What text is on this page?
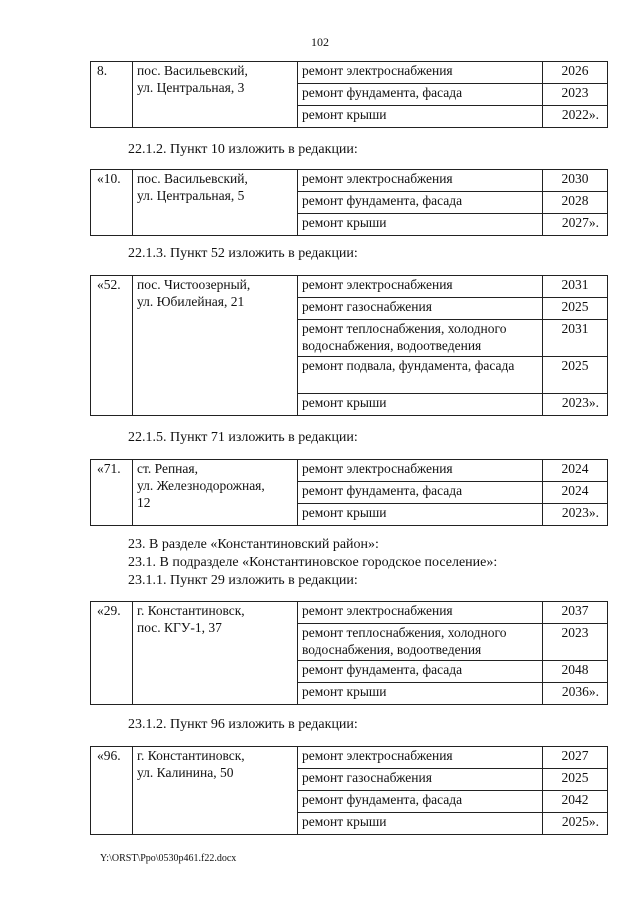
102
8.	пос. Васильевский,
ул. Центральная, 3	ремонт электроснабжения	2026
		ремонт фундамента, фасада	2023
		ремонт крыши	2022».
22.1.2. Пункт 10 изложить в редакции:
«10.	пос. Васильевский,
ул. Центральная, 5	ремонт электроснабжения	2030
		ремонт фундамента, фасада	2028
		ремонт крыши	2027».
22.1.3. Пункт 52 изложить в редакции:
«52.	пос. Чистоозерный,
ул. Юбилейная, 21	ремонт электроснабжения	2031
		ремонт газоснабжения	2025
		ремонт теплоснабжения, холодного водоснабжения, водоотведения	2031
		ремонт подвала, фундамента, фасада	2025
		ремонт крыши	2023».
22.1.5. Пункт 71 изложить в редакции:
«71.	ст. Репная,
ул. Железнодорожная,
12	ремонт электроснабжения	2024
		ремонт фундамента, фасада	2024
		ремонт крыши	2023».
23. В разделе «Константиновский район»:
23.1. В подразделе «Константиновское городское поселение»:
23.1.1. Пункт 29 изложить в редакции:
«29.	г. Константиновск,
пос. КГУ-1, 37	ремонт электроснабжения	2037
		ремонт теплоснабжения, холодного водоснабжения, водоотведения	2023
		ремонт фундамента, фасада	2048
		ремонт крыши	2036».
23.1.2. Пункт 96 изложить в редакции:
«96.	г. Константиновск,
ул. Калинина, 50	ремонт электроснабжения	2027
		ремонт газоснабжения	2025
		ремонт фундамента, фасада	2042
		ремонт крыши	2025».
Y:\ORST\Ppo\0530p461.f22.docx
